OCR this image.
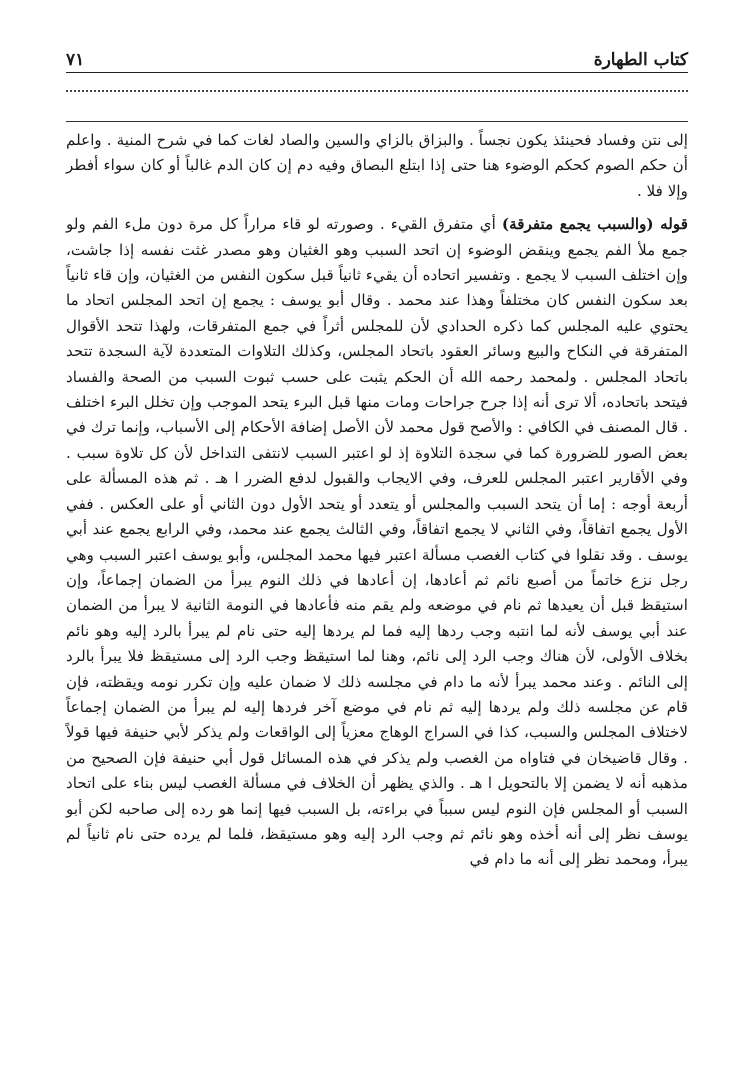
كتاب الطهارة
٧١

إلى نتن وفساد فحينئذ يكون نجساً . والبزاق بالزاي والسين والصاد لغات كما في شرح المنية . واعلم أن حكم الصوم كحكم الوضوء هنا حتى إذا ابتلع البصاق وفيه دم إن كان الدم غالباً أو كان سواء أفطر وإلا فلا .

قوله (والسبب يجمع متفرقة) أي متفرق القيء . وصورته لو قاء مراراً كل مرة دون ملء الفم ولو جمع ملأ الفم يجمع وينقض الوضوء إن اتحد السبب وهو الغثيان وهو مصدر غثت نفسه إذا جاشت، وإن اختلف السبب لا يجمع . وتفسير اتحاده أن يقيء ثانياً قبل سكون النفس من الغثيان، وإن قاء ثانياً بعد سكون النفس كان مختلفاً وهذا عند محمد . وقال أبو يوسف : يجمع إن اتحد المجلس اتحاد ما يحتوي عليه المجلس كما ذكره الحدادي لأن للمجلس أثراً في جمع المتفرقات، ولهذا تتحد الأقوال المتفرقة في النكاح والبيع وسائر العقود باتحاد المجلس، وكذلك التلاوات المتعددة لآية السجدة تتحد باتحاد المجلس . ولمحمد رحمه الله أن الحكم يثبت على حسب ثبوت السبب من الصحة والفساد فيتحد باتحاده، ألا ترى أنه إذا جرح جراحات ومات منها قبل البرء يتحد الموجب وإن تخلل البرء اختلف . قال المصنف في الكافي : والأصح قول محمد لأن الأصل إضافة الأحكام إلى الأسباب، وإنما ترك في بعض الصور للضرورة كما في سجدة التلاوة إذ لو اعتبر السبب لانتفى التداخل لأن كل تلاوة سبب . وفي الأقارير اعتبر المجلس للعرف، وفي الايجاب والقبول لدفع الضرر ا هـ . ثم هذه المسألة على أربعة أوجه : إما أن يتحد السبب والمجلس أو يتعدد أو يتحد الأول دون الثاني أو على العكس . ففي الأول يجمع اتفاقاً، وفي الثاني لا يجمع اتفاقاً، وفي الثالث يجمع عند محمد، وفي الرابع يجمع عند أبي يوسف . وقد نقلوا في كتاب الغصب مسألة اعتبر فيها محمد المجلس، وأبو يوسف اعتبر السبب وهي رجل نزع خاتماً من أصبع نائم ثم أعادها، إن أعادها في ذلك النوم يبرأ من الضمان إجماعاً، وإن استيقظ قبل أن يعيدها ثم نام في موضعه ولم يقم منه فأعادها في النومة الثانية لا يبرأ من الضمان عند أبي يوسف لأنه لما انتبه وجب ردها إليه فما لم يردها إليه حتى نام لم يبرأ بالرد إليه وهو نائم بخلاف الأولى، لأن هناك وجب الرد إلى نائم، وهنا لما استيقظ وجب الرد إلى مستيقظ فلا يبرأ بالرد إلى النائم . وعند محمد يبرأ لأنه ما دام في مجلسه ذلك لا ضمان عليه وإن تكرر نومه ويقظته، فإن قام عن مجلسه ذلك ولم يردها إليه ثم نام في موضع آخر فردها إليه لم يبرأ من الضمان إجماعاً لاختلاف المجلس والسبب، كذا في السراج الوهاج معزياً إلى الواقعات ولم يذكر لأبي حنيفة فيها قولاً . وقال قاضيخان في فتاواه من الغصب ولم يذكر في هذه المسائل قول أبي حنيفة فإن الصحيح من مذهبه أنه لا يضمن إلا بالتحويل ا هـ . والذي يظهر أن الخلاف في مسألة الغصب ليس بناء على اتحاد السبب أو المجلس فإن النوم ليس سبباً في براءته، بل السبب فيها إنما هو رده إلى صاحبه لكن أبو يوسف نظر إلى أنه أخذه وهو نائم ثم وجب الرد إليه وهو مستيقظ، فلما لم يرده حتى نام ثانياً لم يبرأ، ومحمد نظر إلى أنه ما دام في
